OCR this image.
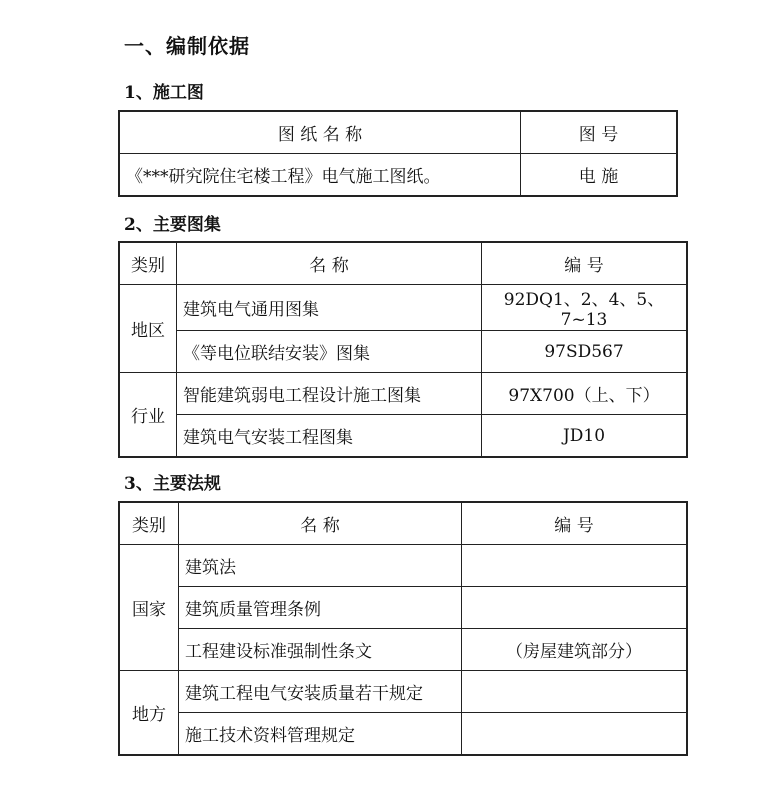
一、编制依据
1、施工图
图 纸 名 称	图 号
《***研究院住宅楼工程》电气施工图纸。	电 施
2、主要图集
类别	名 称	编 号
地区	建筑电气通用图集	92DQ1、2、4、5、7~13
	《等电位联结安装》图集	97SD567
行业	智能建筑弱电工程设计施工图集	97X700（上、下）
	建筑电气安装工程图集	JD10
3、主要法规
类别	名 称	编 号
国家	建筑法	
	建筑质量管理条例	
	工程建设标准强制性条文	（房屋建筑部分）
地方	建筑工程电气安装质量若干规定	
	施工技术资料管理规定	
